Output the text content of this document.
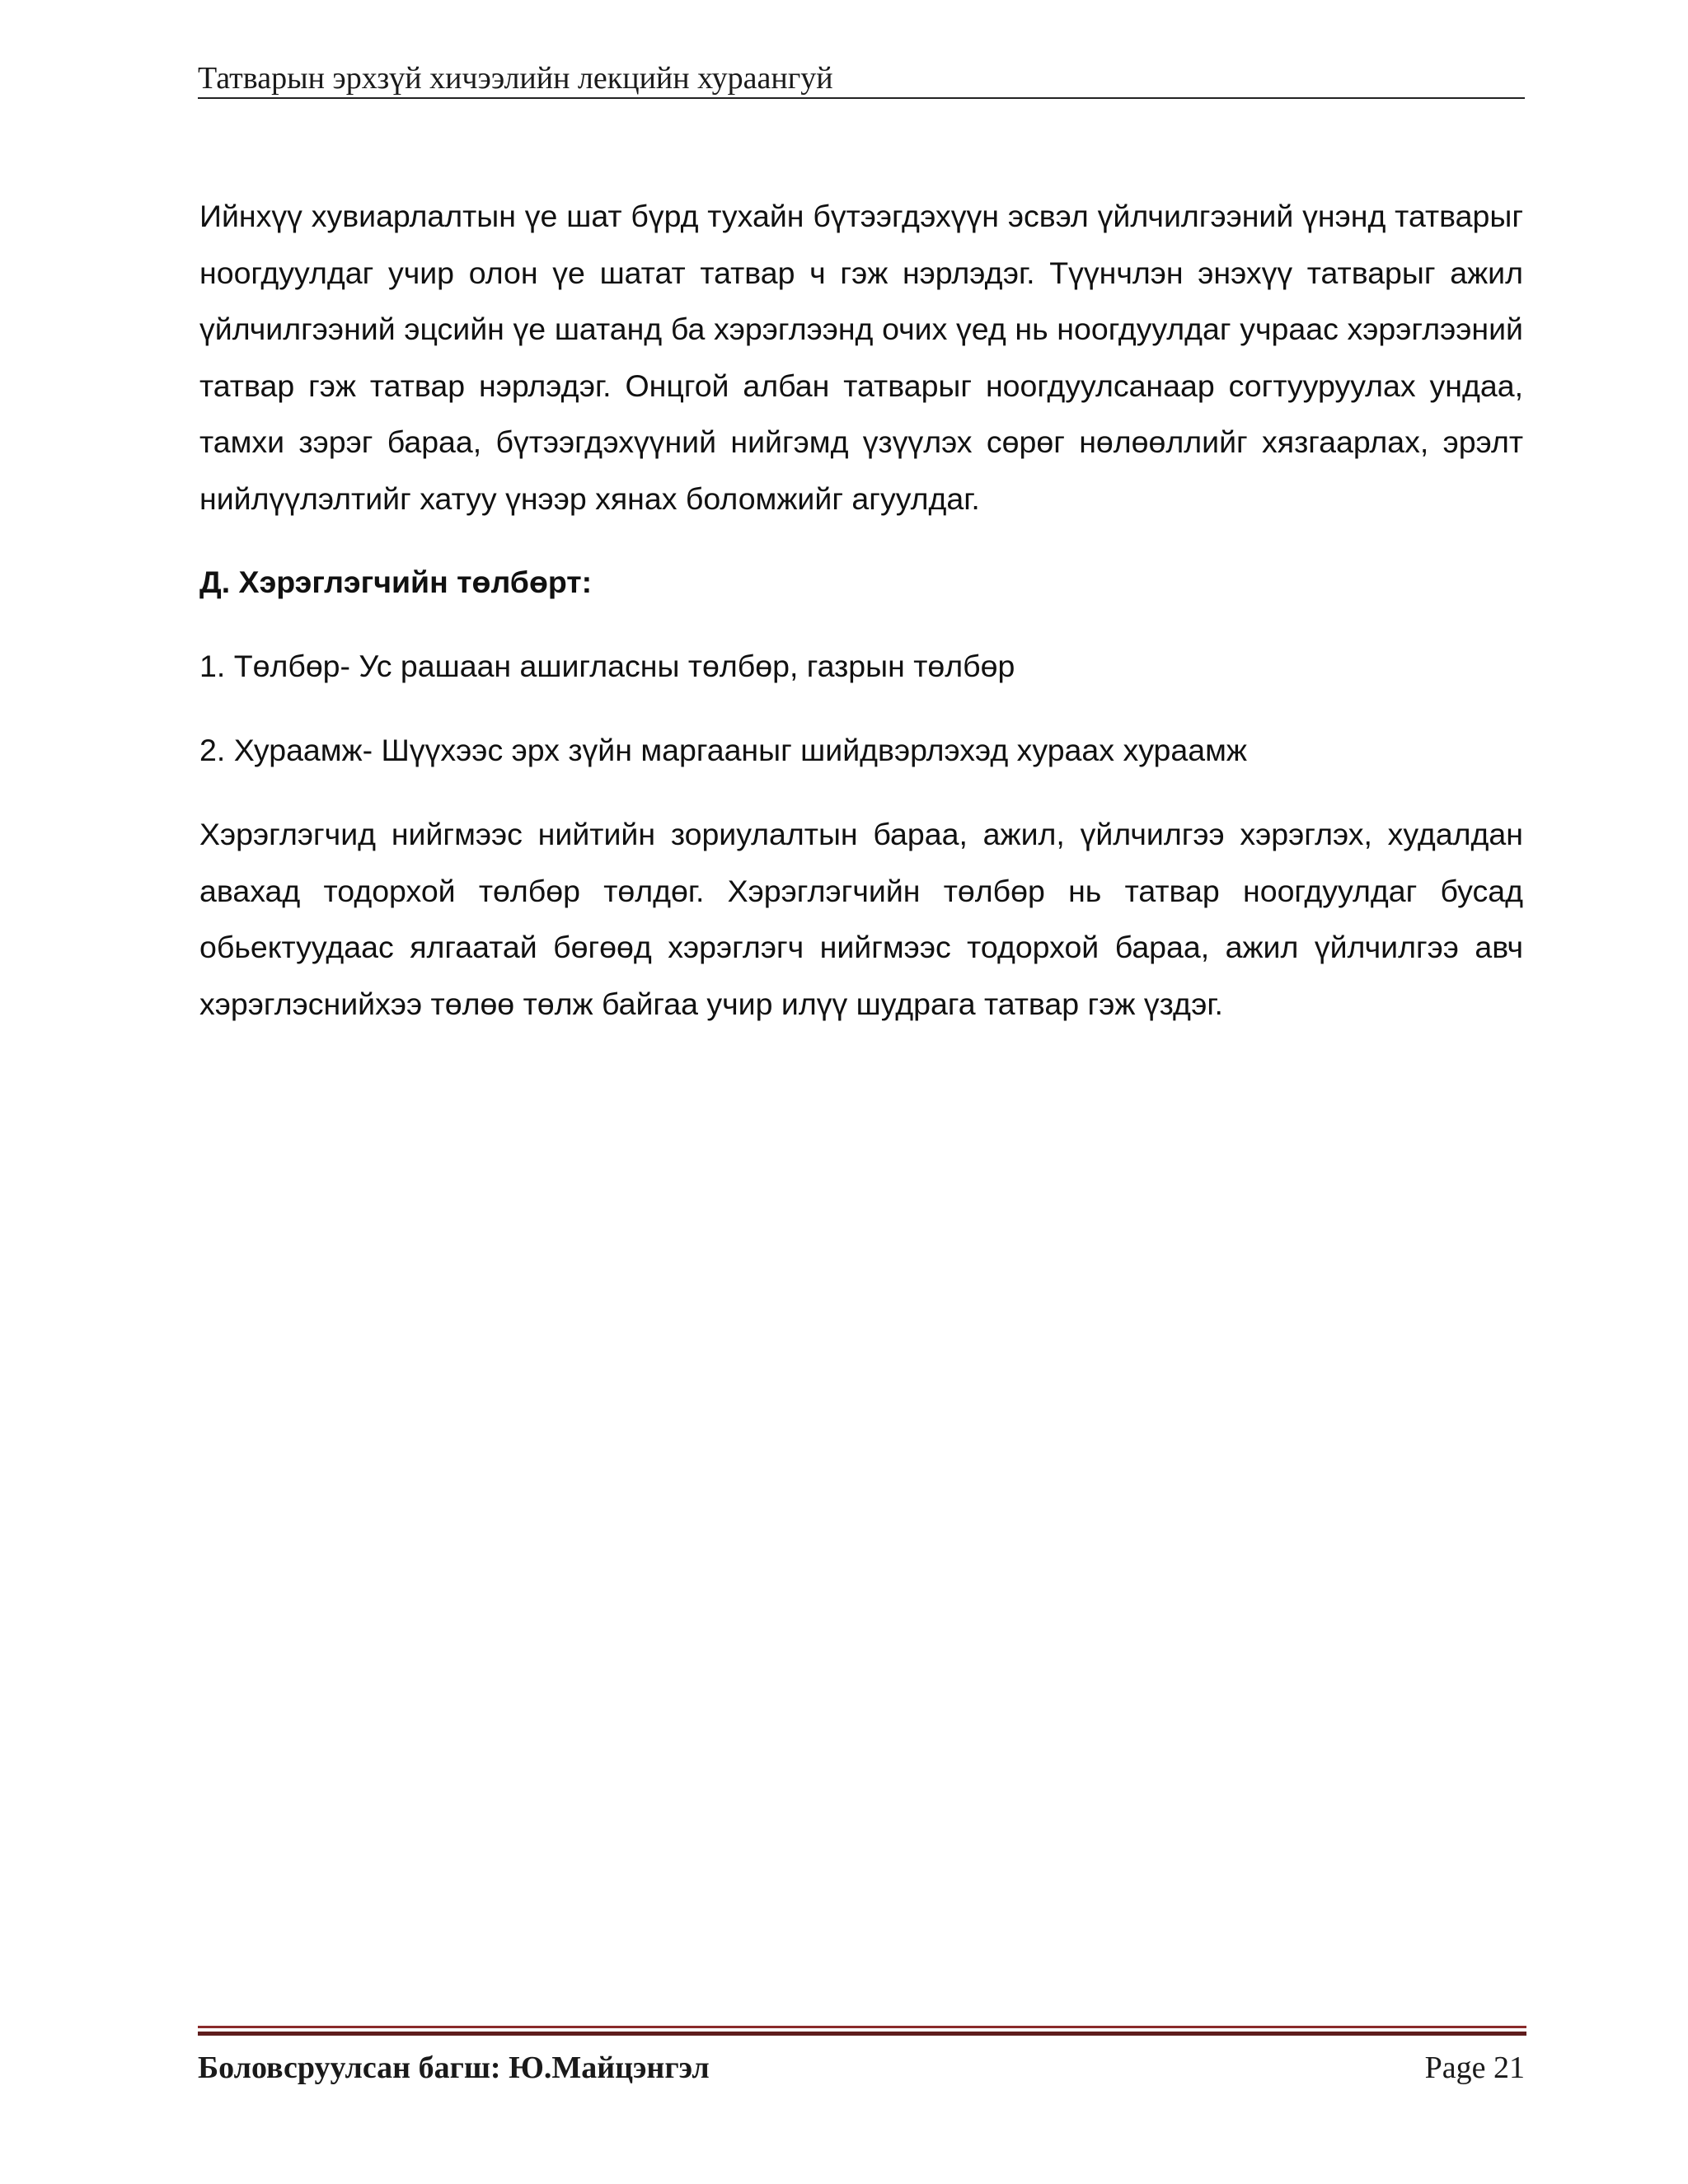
Татварын эрхзүй хичээлийн лекцийн хураангуй

Ийнхүү хувиарлалтын үе шат бүрд тухайн бүтээгдэхүүн эсвэл үйлчилгээний үнэнд татварыг ноогдуулдаг учир олон үе шатат татвар ч гэж нэрлэдэг. Түүнчлэн энэхүү татварыг ажил үйлчилгээний эцсийн үе шатанд ба хэрэглээнд очих үед нь ноогдуулдаг учраас хэрэглээний татвар гэж татвар нэрлэдэг. Онцгой албан татварыг ноогдуулсанаар согтууруулах ундаа, тамхи зэрэг бараа, бүтээгдэхүүний нийгэмд үзүүлэх сөрөг нөлөөллийг хязгаарлах, эрэлт нийлүүлэлтийг хатуу үнээр хянах боломжийг агуулдаг.

Д. Хэрэглэгчийн төлбөрт:

1. Төлбөр- Ус рашаан ашигласны төлбөр, газрын төлбөр

2. Хураамж- Шүүхээс эрх зүйн маргааныг шийдвэрлэхэд хураах хураамж

Хэрэглэгчид нийгмээс нийтийн зориулалтын бараа, ажил, үйлчилгээ хэрэглэх, худалдан авахад тодорхой төлбөр төлдөг. Хэрэглэгчийн төлбөр нь татвар ноогдуулдаг бусад обьектуудаас ялгаатай бөгөөд хэрэглэгч нийгмээс тодорхой бараа, ажил үйлчилгээ авч хэрэглэснийхээ төлөө төлж байгаа учир илүү шудрага татвар гэж үздэг.

Боловсруулсан багш: Ю.Майцэнгэл	Page 21
